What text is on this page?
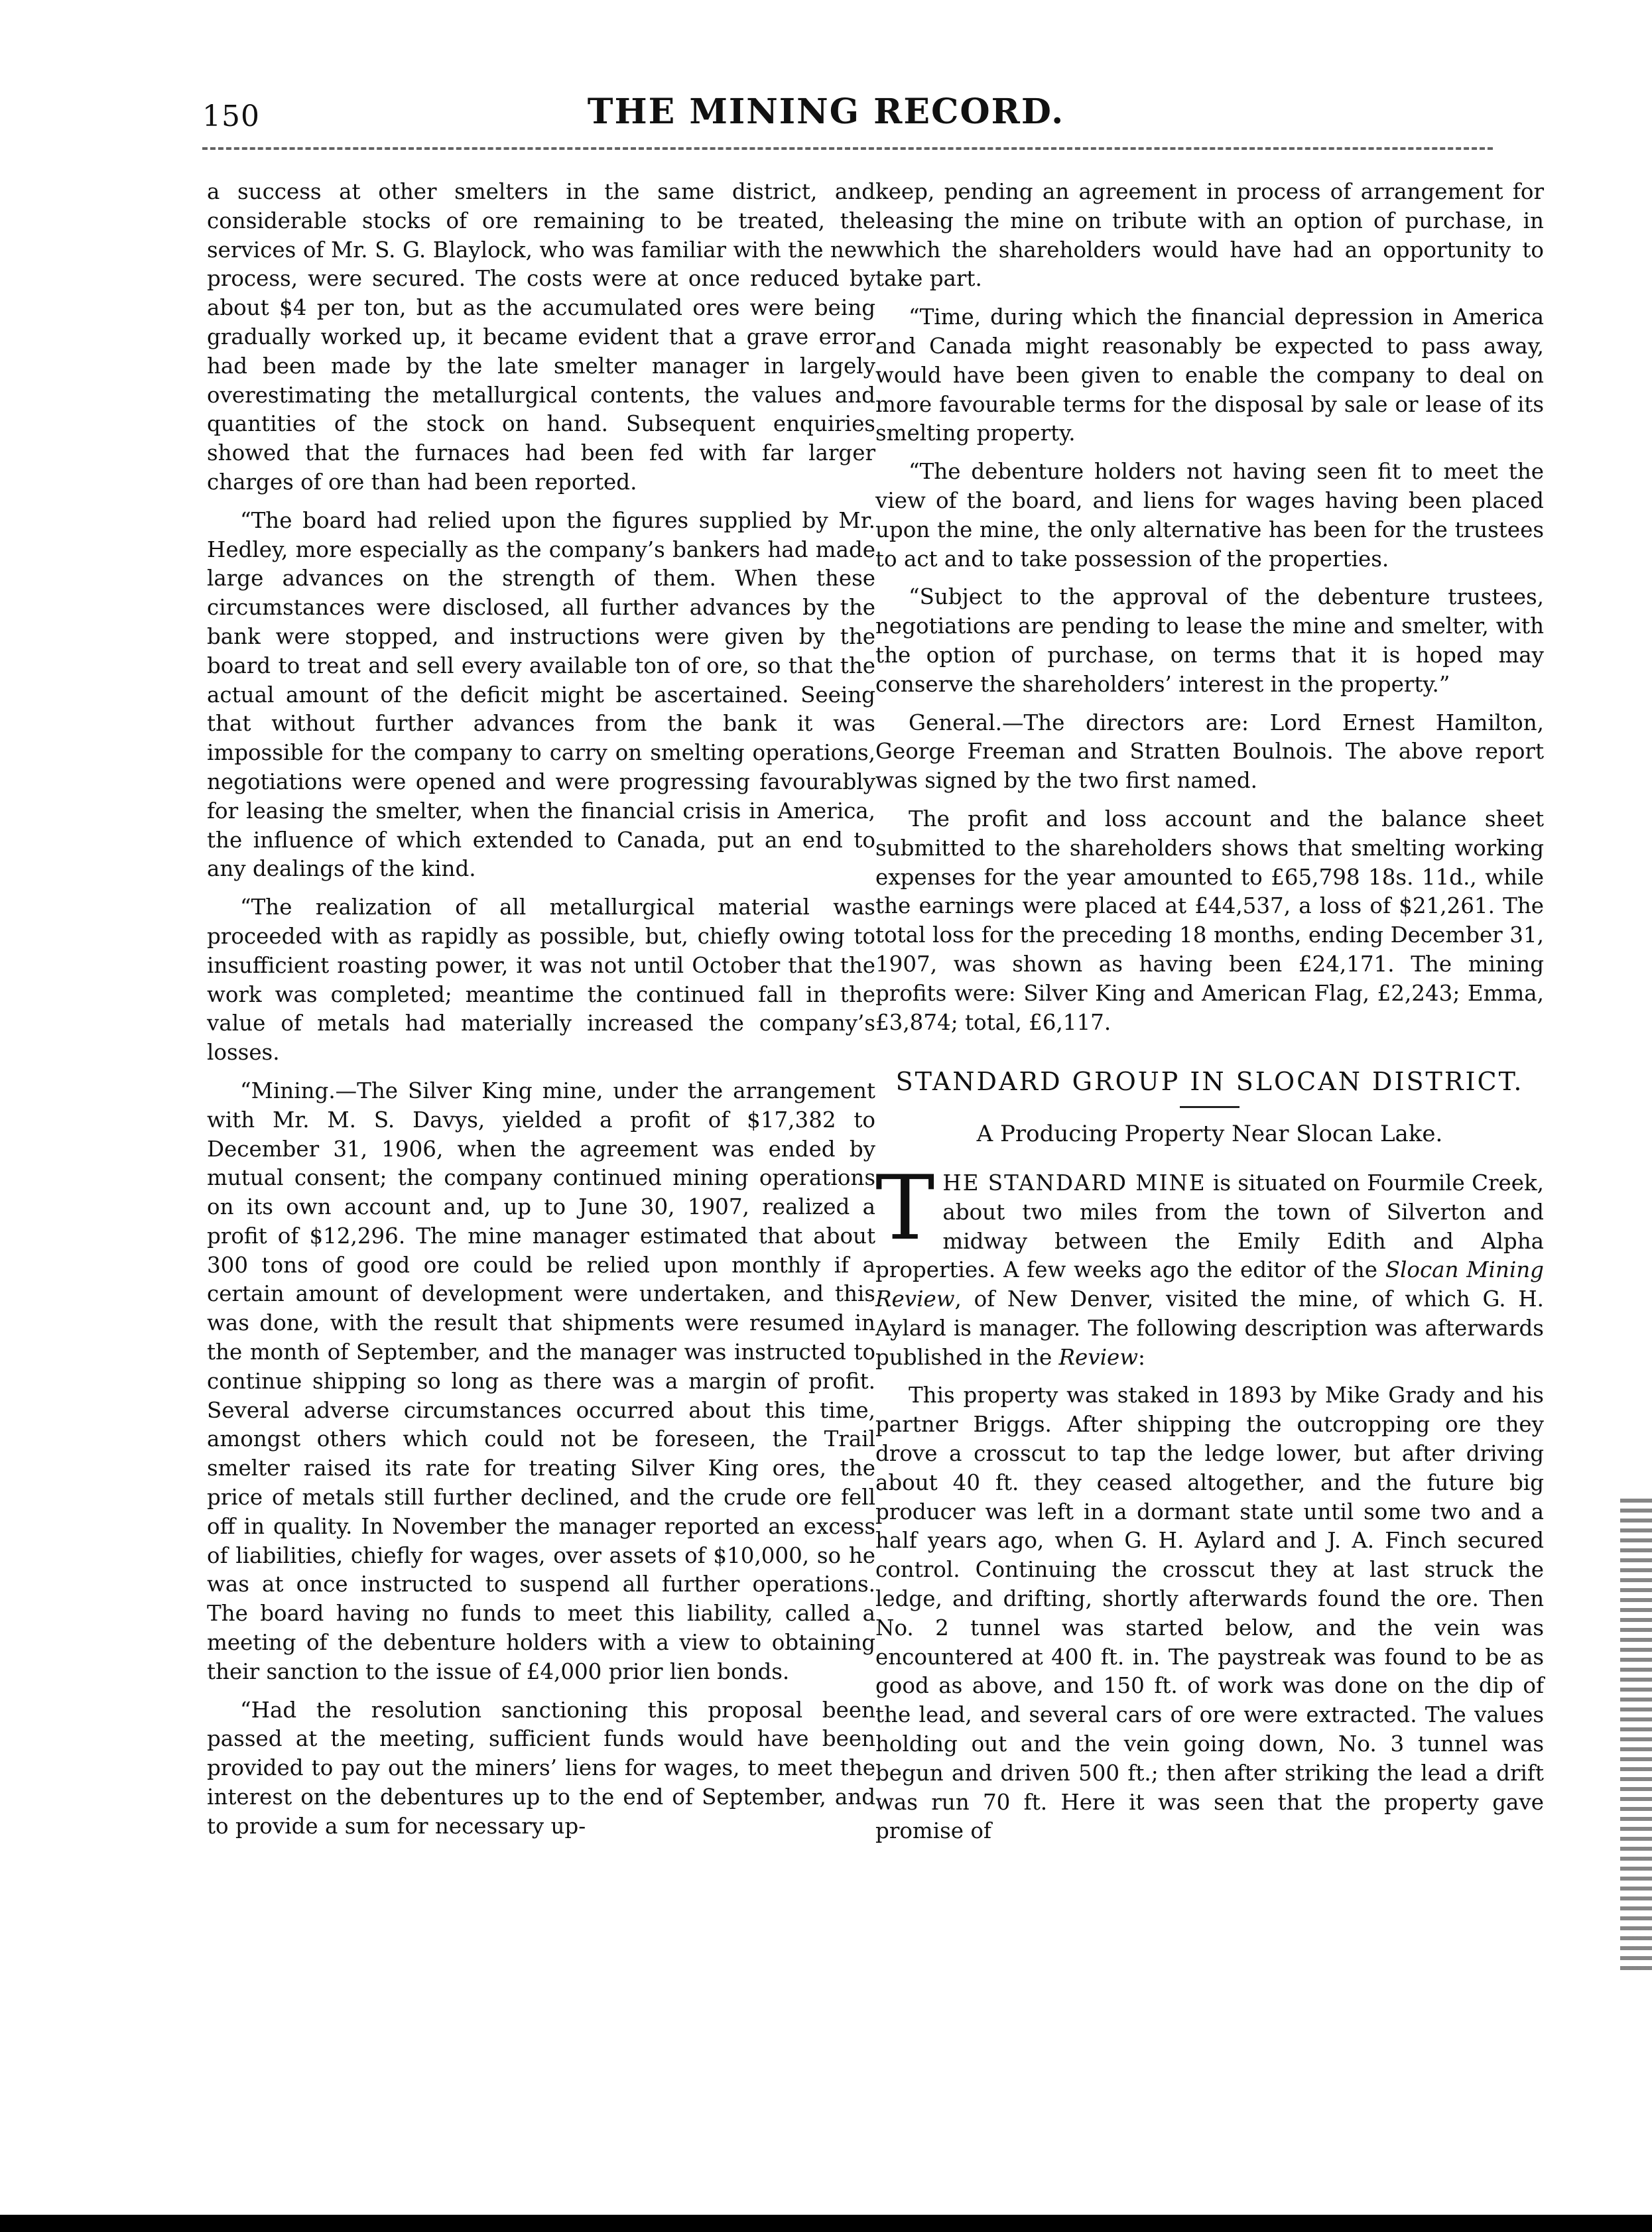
150	THE MINING RECORD.

a success at other smelters in the same district, and considerable stocks of ore remaining to be treated, the services of Mr. S. G. Blaylock, who was familiar with the new process, were secured. The costs were at once reduced by about $4 per ton, but as the accumulated ores were being gradually worked up, it became evident that a grave error had been made by the late smelter manager in largely overestimating the metallurgical contents, the values and quantities of the stock on hand. Subsequent enquiries showed that the furnaces had been fed with far larger charges of ore than had been reported.

“The board had relied upon the figures supplied by Mr. Hedley, more especially as the company’s bankers had made large advances on the strength of them. When these circumstances were disclosed, all further advances by the bank were stopped, and instructions were given by the board to treat and sell every available ton of ore, so that the actual amount of the deficit might be ascertained. Seeing that without further advances from the bank it was impossible for the company to carry on smelting operations, negotiations were opened and were progressing favourably for leasing the smelter, when the financial crisis in America, the influence of which extended to Canada, put an end to any dealings of the kind.

“The realization of all metallurgical material was proceeded with as rapidly as possible, but, chiefly owing to insufficient roasting power, it was not until October that the work was completed; meantime the continued fall in the value of metals had materially increased the company’s losses.

“Mining.—The Silver King mine, under the arrangement with Mr. M. S. Davys, yielded a profit of $17,382 to December 31, 1906, when the agreement was ended by mutual consent; the company continued mining operations on its own account and, up to June 30, 1907, realized a profit of $12,296. The mine manager estimated that about 300 tons of good ore could be relied upon monthly if a certain amount of development were undertaken, and this was done, with the result that shipments were resumed in the month of September, and the manager was instructed to continue shipping so long as there was a margin of profit. Several adverse circumstances occurred about this time, amongst others which could not be foreseen, the Trail smelter raised its rate for treating Silver King ores, the price of metals still further declined, and the crude ore fell off in quality. In November the manager reported an excess of liabilities, chiefly for wages, over assets of $10,000, so he was at once instructed to suspend all further operations. The board having no funds to meet this liability, called a meeting of the debenture holders with a view to obtaining their sanction to the issue of £4,000 prior lien bonds.

“Had the resolution sanctioning this proposal been passed at the meeting, sufficient funds would have been provided to pay out the miners’ liens for wages, to meet the interest on the debentures up to the end of September, and to provide a sum for necessary up-

keep, pending an agreement in process of arrangement for leasing the mine on tribute with an option of purchase, in which the shareholders would have had an opportunity to take part.

“Time, during which the financial depression in America and Canada might reasonably be expected to pass away, would have been given to enable the company to deal on more favourable terms for the disposal by sale or lease of its smelting property.

“The debenture holders not having seen fit to meet the view of the board, and liens for wages having been placed upon the mine, the only alternative has been for the trustees to act and to take possession of the properties.

“Subject to the approval of the debenture trustees, negotiations are pending to lease the mine and smelter, with the option of purchase, on terms that it is hoped may conserve the shareholders’ interest in the property.”

General.—The directors are: Lord Ernest Hamilton, George Freeman and Stratten Boulnois. The above report was signed by the two first named.

The profit and loss account and the balance sheet submitted to the shareholders shows that smelting working expenses for the year amounted to £65,798 18s. 11d., while the earnings were placed at £44,537, a loss of $21,261. The total loss for the preceding 18 months, ending December 31, 1907, was shown as having been £24,171. The mining profits were: Silver King and American Flag, £2,243; Emma, £3,874; total, £6,117.

STANDARD GROUP IN SLOCAN DISTRICT.
A Producing Property Near Slocan Lake.

THE STANDARD MINE is situated on Fourmile Creek, about two miles from the town of Silverton and midway between the Emily Edith and Alpha properties. A few weeks ago the editor of the Slocan Mining Review, of New Denver, visited the mine, of which G. H. Aylard is manager. The following description was afterwards published in the Review:

This property was staked in 1893 by Mike Grady and his partner Briggs. After shipping the outcropping ore they drove a crosscut to tap the ledge lower, but after driving about 40 ft. they ceased altogether, and the future big producer was left in a dormant state until some two and a half years ago, when G. H. Aylard and J. A. Finch secured control. Continuing the crosscut they at last struck the ledge, and drifting, shortly afterwards found the ore. Then No. 2 tunnel was started below, and the vein was encountered at 400 ft. in. The paystreak was found to be as good as above, and 150 ft. of work was done on the dip of the lead, and several cars of ore were extracted. The values holding out and the vein going down, No. 3 tunnel was begun and driven 500 ft.; then after striking the lead a drift was run 70 ft. Here it was seen that the property gave promise of
